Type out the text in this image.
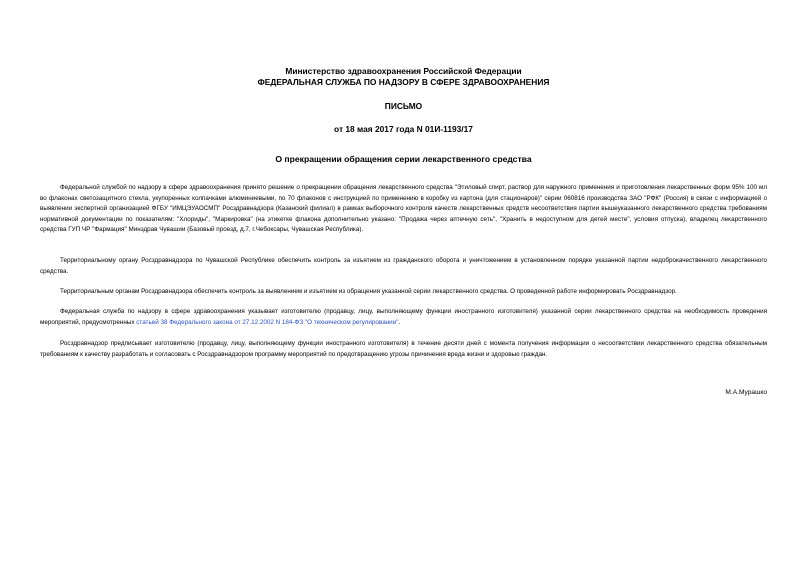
Министерство здравоохранения Российской Федерации
ФЕДЕРАЛЬНАЯ СЛУЖБА ПО НАДЗОРУ В СФЕРЕ ЗДРАВООХРАНЕНИЯ
ПИСЬМО
от 18 мая 2017 года N 01И-1193/17
О прекращении обращения серии лекарственного средства
Федеральной службой по надзору в сфере здравоохранения принято решение о прекращении обращения лекарственного средства "Этиловый спирт, раствор для наружного применения и приготовления лекарственных форм 95% 100 мл во флаконах светозащитного стекла, укупоренных колпачками алюминиевыми, по 70 флаконов с инструкцией по применению в коробку из картона (для стационаров)" серии 060816 производства ЗАО "РФК" (Россия) в связи с информацией о выявлении экспертной организацией ФГБУ "ИМЦЭУАОСМП" Росздравнадзора (Казанский филиал) в рамках выборочного контроля качеств лекарственных средств несоответствия партии вышеуказанного лекарственного средства требованиям нормативной документации по показателям: "Хлориды", "Маркировка" (на этикетке флакона дополнительно указано: "Продажа через аптечную сеть", "Хранить в недоступном для детей месте", условия отпуска), владелец лекарственного средства ГУП ЧР "Фармация" Минздрав Чувашии (Базовый проезд, д.7, г.Чебоксары, Чувашская Республика).
Территориальному органу Росздравнадзора по Чувашской Республике обеспечить контроль за изъятием из гражданского оборота и уничтожением в установленном порядке указанной партии недоброкачественного лекарственного средства.
Территориальным органам Росздравнадзора обеспечить контроль за выявлением и изъятием из обращения указанной серии лекарственного средства. О проведенной работе информировать Росздравнадзор.
Федеральная служба по надзору в сфере здравоохранения указывает изготовителю (продавцу, лицу, выполняющему функции иностранного изготовителя) указанной серии лекарственного средства на необходимость проведения мероприятий, предусмотренных статьей 38 Федерального закона от 27.12.2002 N 184-ФЗ "О техническом регулировании".
Росздравнадзор предписывает изготовителю (продавцу, лицу, выполняющему функции иностранного изготовителя) в течение десяти дней с момента получения информации о несоответствии лекарственного средства обязательным требованиям к качеству разработать и согласовать с Росздравнадзором программу мероприятий по предотвращению угрозы причинения вреда жизни и здоровью граждан.
М.А.Мурашко
